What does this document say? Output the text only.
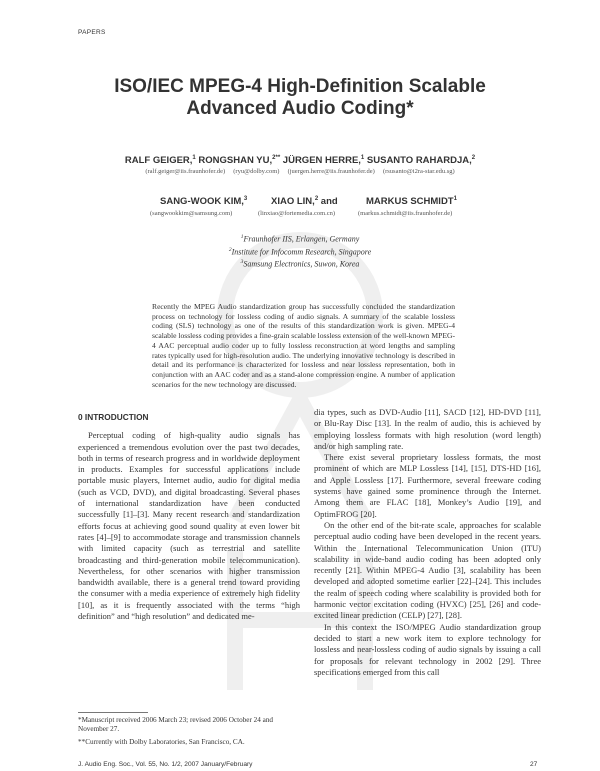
PAPERS
ISO/IEC MPEG-4 High-Definition Scalable
Advanced Audio Coding*
RALF GEIGER,$^1$ RONGSHAN YU,$^{2**}$ JÜRGEN HERRE,$^1$ SUSANTO RAHARDJA,$^2$
(ralf.geiger@iis.fraunhofer.de)     (ryu@dolby.com)     (juergen.herre@iis.fraunhofer.de)     (rsusanto@i2ra-star.edu.sg)
SANG-WOOK KIM,$^3$ XIAO LIN,$^2$ and	MARKUS SCHMIDT$^1$
(sangwookkim@samsung.com)	(linxiao@fortemedia.com.cn)	(markus.schmidt@iis.fraunhofer.de)
$^1$Fraunhofer IIS, Erlangen, Germany
$^2$Institute for Infocomm Research, Singapore
$^3$Samsung Electronics, Suwon, Korea
Recently the MPEG Audio standardization group has successfully concluded the standardization process on technology for lossless coding of audio signals. A summary of the scalable lossless coding (SLS) technology as one of the results of this standardization work is given. MPEG-4 scalable lossless coding provides a fine-grain scalable lossless extension of the well-known MPEG-4 AAC perceptual audio coder up to fully lossless reconstruction at word lengths and sampling rates typically used for high-resolution audio. The underlying innovative technology is described in detail and its performance is characterized for lossless and near lossless representation, both in conjunction with an AAC coder and as a stand-alone compression engine. A number of application scenarios for the new technology are discussed.
0 INTRODUCTION

Perceptual coding of high-quality audio signals has experienced a tremendous evolution over the past two decades, both in terms of research progress and in worldwide deployment in products. Examples for successful applications include portable music players, Internet audio, audio for digital media (such as VCD, DVD), and digital broadcasting. Several phases of international standardization have been conducted successfully [1]–[3]. Many recent research and standardization efforts focus at achieving good sound quality at even lower bit rates [4]–[9] to accommodate storage and transmission channels with limited capacity (such as terrestrial and satellite broadcasting and third-generation mobile telecommunication). Nevertheless, for other scenarios with higher transmission bandwidth available, there is a general trend toward providing the consumer with a media experience of extremely high fidelity [10], as it is frequently associated with the terms “high definition” and “high resolution” and dedicated me-

dia types, such as DVD-Audio [11], SACD [12], HD-DVD [11], or Blu-Ray Disc [13]. In the realm of audio, this is achieved by employing lossless formats with high resolution (word length) and/or high sampling rate.

There exist several proprietary lossless formats, the most prominent of which are MLP Lossless [14], [15], DTS-HD [16], and Apple Lossless [17]. Furthermore, several freeware coding systems have gained some prominence through the Internet. Among them are FLAC [18], Monkey’s Audio [19], and OptimFROG [20].

On the other end of the bit-rate scale, approaches for scalable perceptual audio coding have been developed in the recent years. Within the International Telecommunication Union (ITU) scalability in wide-band audio coding has been adopted only recently [21]. Within MPEG-4 Audio [3], scalability has been developed and adopted sometime earlier [22]–[24]. This includes the realm of speech coding where scalability is provided both for harmonic vector excitation coding (HVXC) [25], [26] and code-excited linear prediction (CELP) [27], [28].

In this context the ISO/MPEG Audio standardization group decided to start a new work item to explore technology for lossless and near-lossless coding of audio signals by issuing a call for proposals for relevant technology in 2002 [29]. Three specifications emerged from this call

*Manuscript received 2006 March 23; revised 2006 October 24 and November 27.
**Currently with Dolby Laboratories, San Francisco, CA.
J. Audio Eng. Soc., Vol. 55, No. 1/2, 2007 January/February	27
